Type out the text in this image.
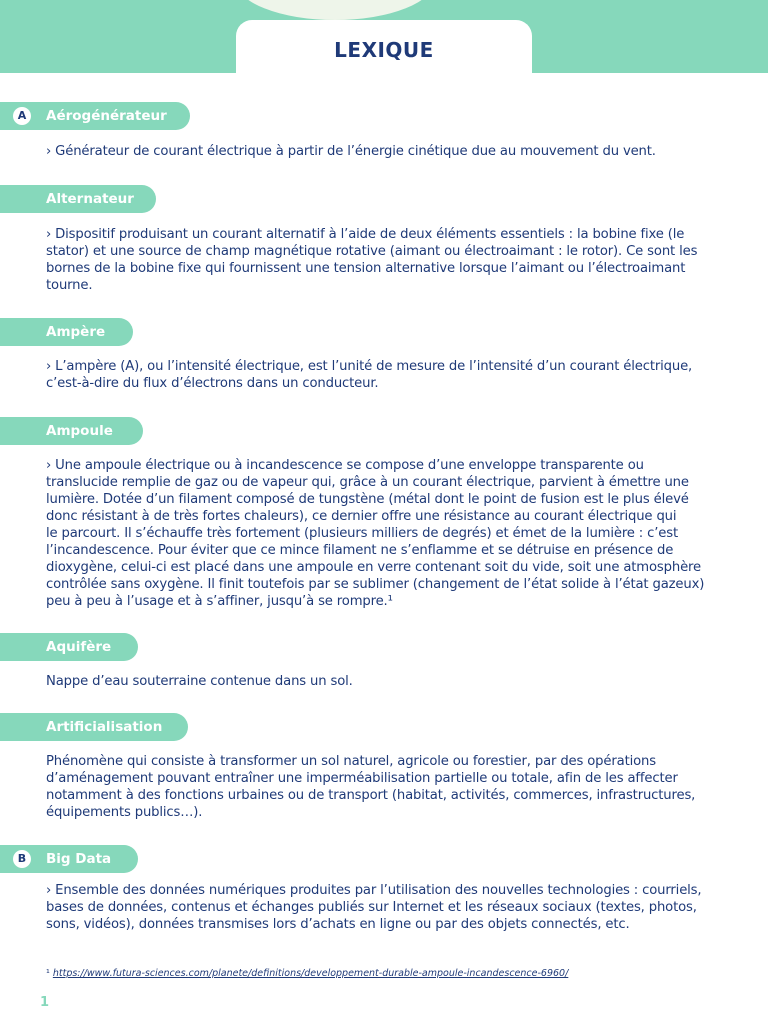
LEXIQUE
A	Aérogénérateur

› Générateur de courant électrique à partir de l’énergie cinétique due au mouvement du vent.

Alternateur

› Dispositif produisant un courant alternatif à l’aide de deux éléments essentiels : la bobine fixe (le
stator) et une source de champ magnétique rotative (aimant ou électroaimant : le rotor). Ce sont les
bornes de la bobine fixe qui fournissent une tension alternative lorsque l’aimant ou l’électroaimant
tourne.

Ampère

› L’ampère (A), ou l’intensité électrique, est l’unité de mesure de l’intensité d’un courant électrique,
c’est-à-dire du flux d’électrons dans un conducteur.

Ampoule

› Une ampoule électrique ou à incandescence se compose d’une enveloppe transparente ou
translucide remplie de gaz ou de vapeur qui, grâce à un courant électrique, parvient à émettre une
lumière. Dotée d’un filament composé de tungstène (métal dont le point de fusion est le plus élevé
donc résistant à de très fortes chaleurs), ce dernier offre une résistance au courant électrique qui
le parcourt. Il s’échauffe très fortement (plusieurs milliers de degrés) et émet de la lumière : c’est
l’incandescence. Pour éviter que ce mince filament ne s’enflamme et se détruise en présence de
dioxygène, celui-ci est placé dans une ampoule en verre contenant soit du vide, soit une atmosphère
contrôlée sans oxygène. Il finit toutefois par se sublimer (changement de l’état solide à l’état gazeux)
peu à peu à l’usage et à s’affiner, jusqu’à se rompre.¹

Aquifère

Nappe d’eau souterraine contenue dans un sol.

Artificialisation

Phénomène qui consiste à transformer un sol naturel, agricole ou forestier, par des opérations
d’aménagement pouvant entraîner une imperméabilisation partielle ou totale, afin de les affecter
notamment à des fonctions urbaines ou de transport (habitat, activités, commerces, infrastructures,
équipements publics…).

B	Big Data

› Ensemble des données numériques produites par l’utilisation des nouvelles technologies : courriels,
bases de données, contenus et échanges publiés sur Internet et les réseaux sociaux (textes, photos,
sons, vidéos), données transmises lors d’achats en ligne ou par des objets connectés, etc.

¹ https://www.futura-sciences.com/planete/definitions/developpement-durable-ampoule-incandescence-6960/
1
